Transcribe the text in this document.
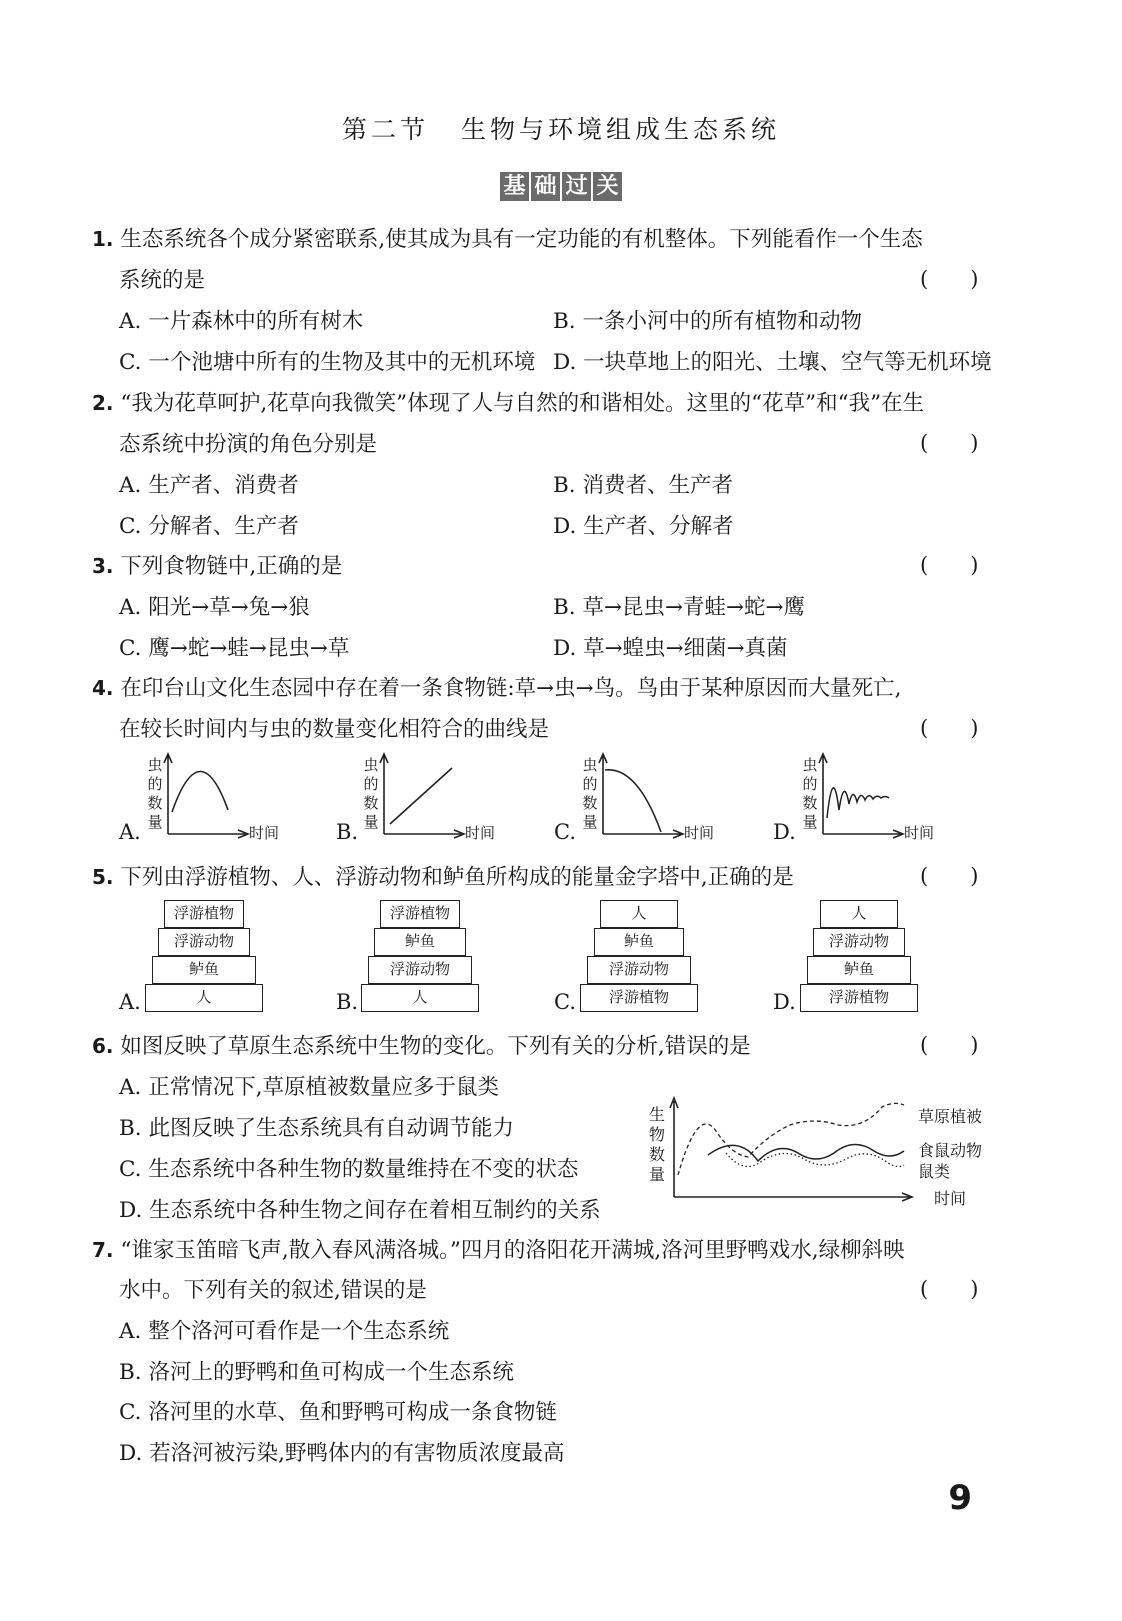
第二节 生物与环境组成生态系统
基 础 过 关
1. 生态系统各个成分紧密联系,使其成为具有一定功能的有机整体。下列能看作一个生态
系统的是	(　　)
A. 一片森林中的所有树木	B. 一条小河中的所有植物和动物
C. 一个池塘中所有的生物及其中的无机环境 D. 一块草地上的阳光、土壤、空气等无机环境
2. “我为花草呵护,花草向我微笑”体现了人与自然的和谐相处。这里的“花草”和“我”在生
态系统中扮演的角色分别是	(　　)
A. 生产者、消费者	B. 消费者、生产者
C. 分解者、生产者	D. 生产者、分解者
3. 下列食物链中,正确的是	(　　)
A. 阳光→草→兔→狼	B. 草→昆虫→青蛙→蛇→鹰
C. 鹰→蛇→蛙→昆虫→草	D. 草→蝗虫→细菌→真菌
4. 在印台山文化生态园中存在着一条食物链:草→虫→鸟。鸟由于某种原因而大量死亡,
在较长时间内与虫的数量变化相符合的曲线是	(　　)
A.
虫
的
数
量
时间	B.
虫
的
数
量
时间	C.
虫
的
数
量
时间	D.
虫
的
数
量
时间
5. 下列由浮游植物、人、浮游动物和鲈鱼所构成的能量金字塔中,正确的是	(　　)
A.
浮游植物
浮游动物
鲈鱼
人	B.
浮游植物
鲈鱼
浮游动物
人	C.
人
鲈鱼
浮游动物
浮游植物	D.
人
浮游动物
鲈鱼
浮游植物
6. 如图反映了草原生态系统中生物的变化。下列有关的分析,错误的是	(　　)
A. 正常情况下,草原植被数量应多于鼠类
B. 此图反映了生态系统具有自动调节能力
C. 生态系统中各种生物的数量维持在不变的状态
D. 生态系统中各种生物之间存在着相互制约的关系
生
物
数
量
时间
草原植被
食鼠动物
鼠类
7. “谁家玉笛暗飞声,散入春风满洛城。”四月的洛阳花开满城,洛河里野鸭戏水,绿柳斜映
水中。下列有关的叙述,错误的是	(　　)
A. 整个洛河可看作是一个生态系统
B. 洛河上的野鸭和鱼可构成一个生态系统
C. 洛河里的水草、鱼和野鸭可构成一条食物链
D. 若洛河被污染,野鸭体内的有害物质浓度最高
9
